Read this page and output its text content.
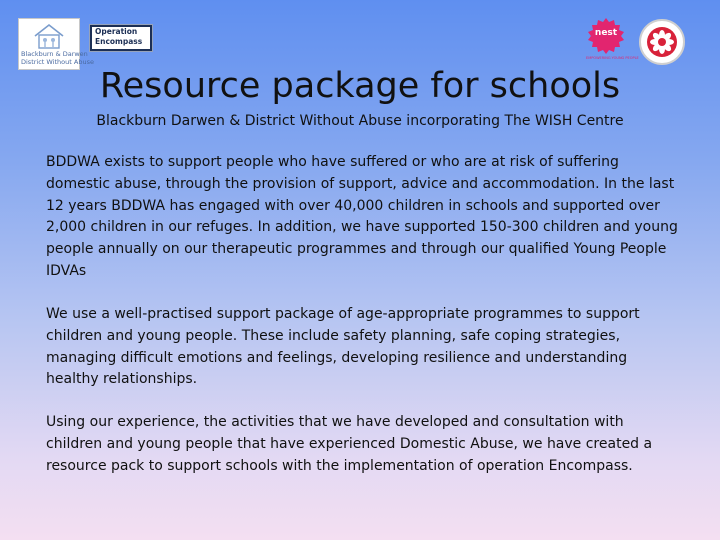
Blackburn & Darwen
District Without Abuse
Operation
Encompass
nest
EMPOWERING YOUNG PEOPLE
Resource package for schools

Blackburn Darwen & District Without Abuse incorporating The WISH Centre

BDDWA exists to support people who have suffered or who are at risk of suffering domestic abuse, through the provision of support, advice and accommodation. In the last 12 years BDDWA has engaged with over 40,000 children in schools and supported over 2,000 children in our refuges. In addition, we have supported 150-300 children and young people annually on our therapeutic programmes and through our qualified Young People IDVAs

We use a well-practised support package of age-appropriate programmes to support children and young people. These include safety planning, safe coping strategies, managing difficult emotions and feelings, developing resilience and understanding healthy relationships.

Using our experience, the activities that we have developed and consultation with children and young people that have experienced Domestic Abuse, we have created a resource pack to support schools with the implementation of operation Encompass.
